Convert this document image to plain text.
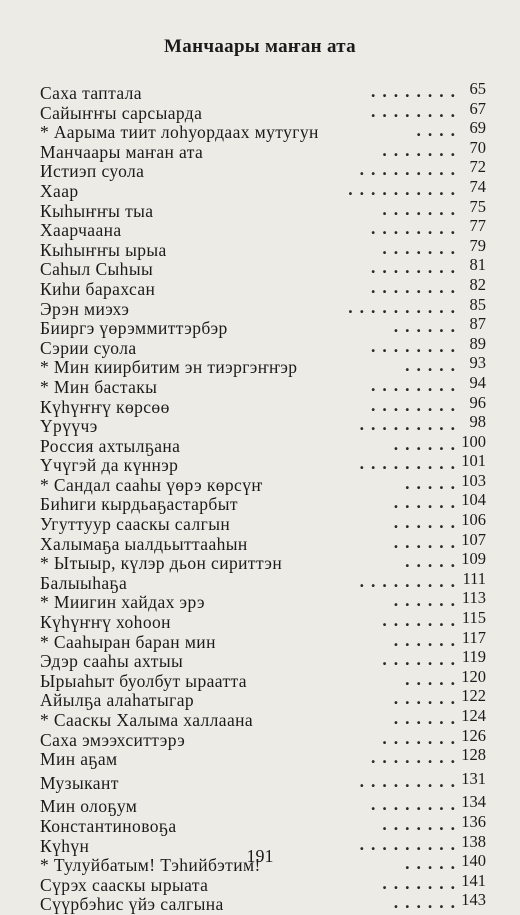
Манчаары маҥан ата
Саха таптала	........ 65
Сайыҥҥы сарсыарда	........ 67
* Аарыма тиит лоһуордаах мутугун	.... 69
Манчаары маҥан ата	....... 70
Истиэп суола	......... 72
Хаар	.......... 74
Кыһыҥҥы тыа	....... 75
Хаарчаана	........ 77
Кыһыҥҥы ырыа	....... 79
Саһыл Сыһыы	........ 81
Киһи барахсан	........ 82
Эрэн миэхэ	.......... 85
Бииргэ үөрэммиттэрбэр	...... 87
Сэрии суола	........ 89
* Мин киирбитим эн тиэргэҥҥэр	..... 93
* Мин бастакы	........ 94
Күһүҥҥү көрсөө	........ 96
Үрүүчэ	......... 98
Россия ахтылҕана	...... 100
Үчүгэй да күннэр	......... 101
* Сандал сааһы үөрэ көрсүҥ	..... 103
Биһиги кырдьаҕастарбыт	...... 104
Угуттуур сааскы салгын	...... 106
Халымаҕа ыалдьыттааһын	...... 107
* Ытыыр, күлэр дьон сириттэн	..... 109
Балыыһаҕа	......... 111
* Миигин хайдах эрэ	...... 113
Күһүҥҥү хоһоон	....... 115
* Сааһыран баран мин	...... 117
Эдэр сааһы ахтыы	....... 119
Ырыаһыт буолбут ыраатта	..... 120
Айылҕа алаһатыгар	...... 122
* Сааскы Халыма халлаана	...... 124
Саха эмээхситтэрэ	....... 126
Мин аҕам	........ 128
Музыкант	......... 131
Мин олоҕум	........ 134
Константиновоҕа	....... 136
Күһүн	......... 138
* Тулуйбатым! Тэһийбэтим!	..... 140
Сүрэх сааскы ырыата	....... 141
Сүүрбэһис үйэ салгына	...... 143
191
